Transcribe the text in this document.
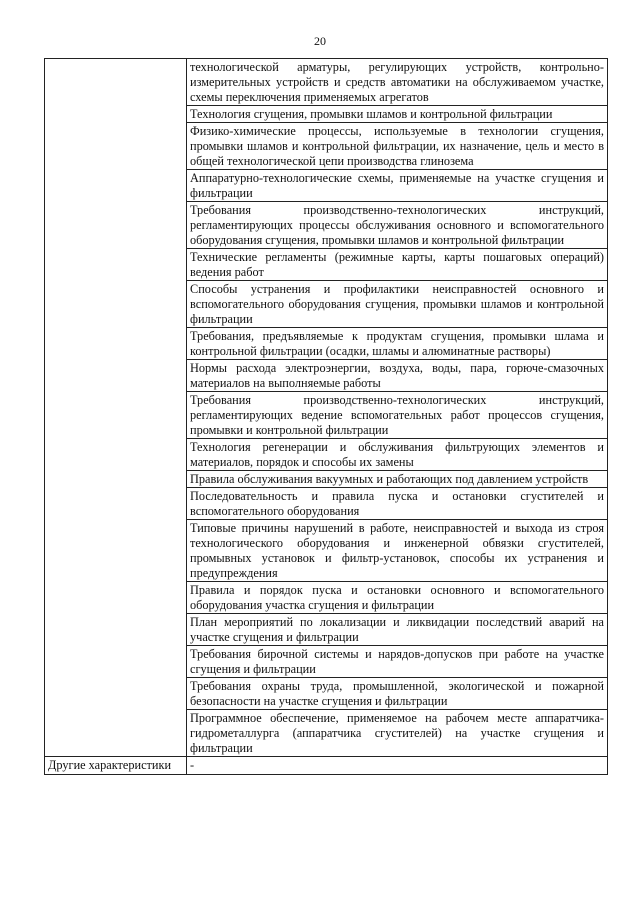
20
	технологической арматуры, регулирующих устройств, контрольно-измерительных устройств и средств автоматики на обслуживаемом участке, схемы переключения применяемых агрегатов
	Технология сгущения, промывки шламов и контрольной фильтрации
	Физико-химические процессы, используемые в технологии сгущения, промывки шламов и контрольной фильтрации, их назначение, цель и место в общей технологической цепи производства глинозема
	Аппаратурно-технологические схемы, применяемые на участке сгущения и фильтрации
	Требования производственно-технологических инструкций, регламентирующих процессы обслуживания основного и вспомогательного оборудования сгущения, промывки шламов и контрольной фильтрации
	Технические регламенты (режимные карты, карты пошаговых операций) ведения работ
	Способы устранения и профилактики неисправностей основного и вспомогательного оборудования сгущения, промывки шламов и контрольной фильтрации
	Требования, предъявляемые к продуктам сгущения, промывки шлама и контрольной фильтрации (осадки, шламы и алюминатные растворы)
	Нормы расхода электроэнергии, воздуха, воды, пара, горюче-смазочных материалов на выполняемые работы
	Требования производственно-технологических инструкций, регламентирующих ведение вспомогательных работ процессов сгущения, промывки и контрольной фильтрации
	Технология регенерации и обслуживания фильтрующих элементов и материалов, порядок и способы их замены
	Правила обслуживания вакуумных и работающих под давлением устройств
	Последовательность и правила пуска и остановки сгустителей и вспомогательного оборудования
	Типовые причины нарушений в работе, неисправностей и выхода из строя технологического оборудования и инженерной обвязки сгустителей, промывных установок и фильтр-установок, способы их устранения и предупреждения
	Правила и порядок пуска и остановки основного и вспомогательного оборудования участка сгущения и фильтрации
	План мероприятий по локализации и ликвидации последствий аварий на участке сгущения и фильтрации
	Требования бирочной системы и нарядов-допусков при работе на участке сгущения и фильтрации
	Требования охраны труда, промышленной, экологической и пожарной безопасности на участке сгущения и фильтрации
	Программное обеспечение, применяемое на рабочем месте аппаратчика-гидрометаллурга (аппаратчика сгустителей) на участке сгущения и фильтрации
Другие характеристики	-
